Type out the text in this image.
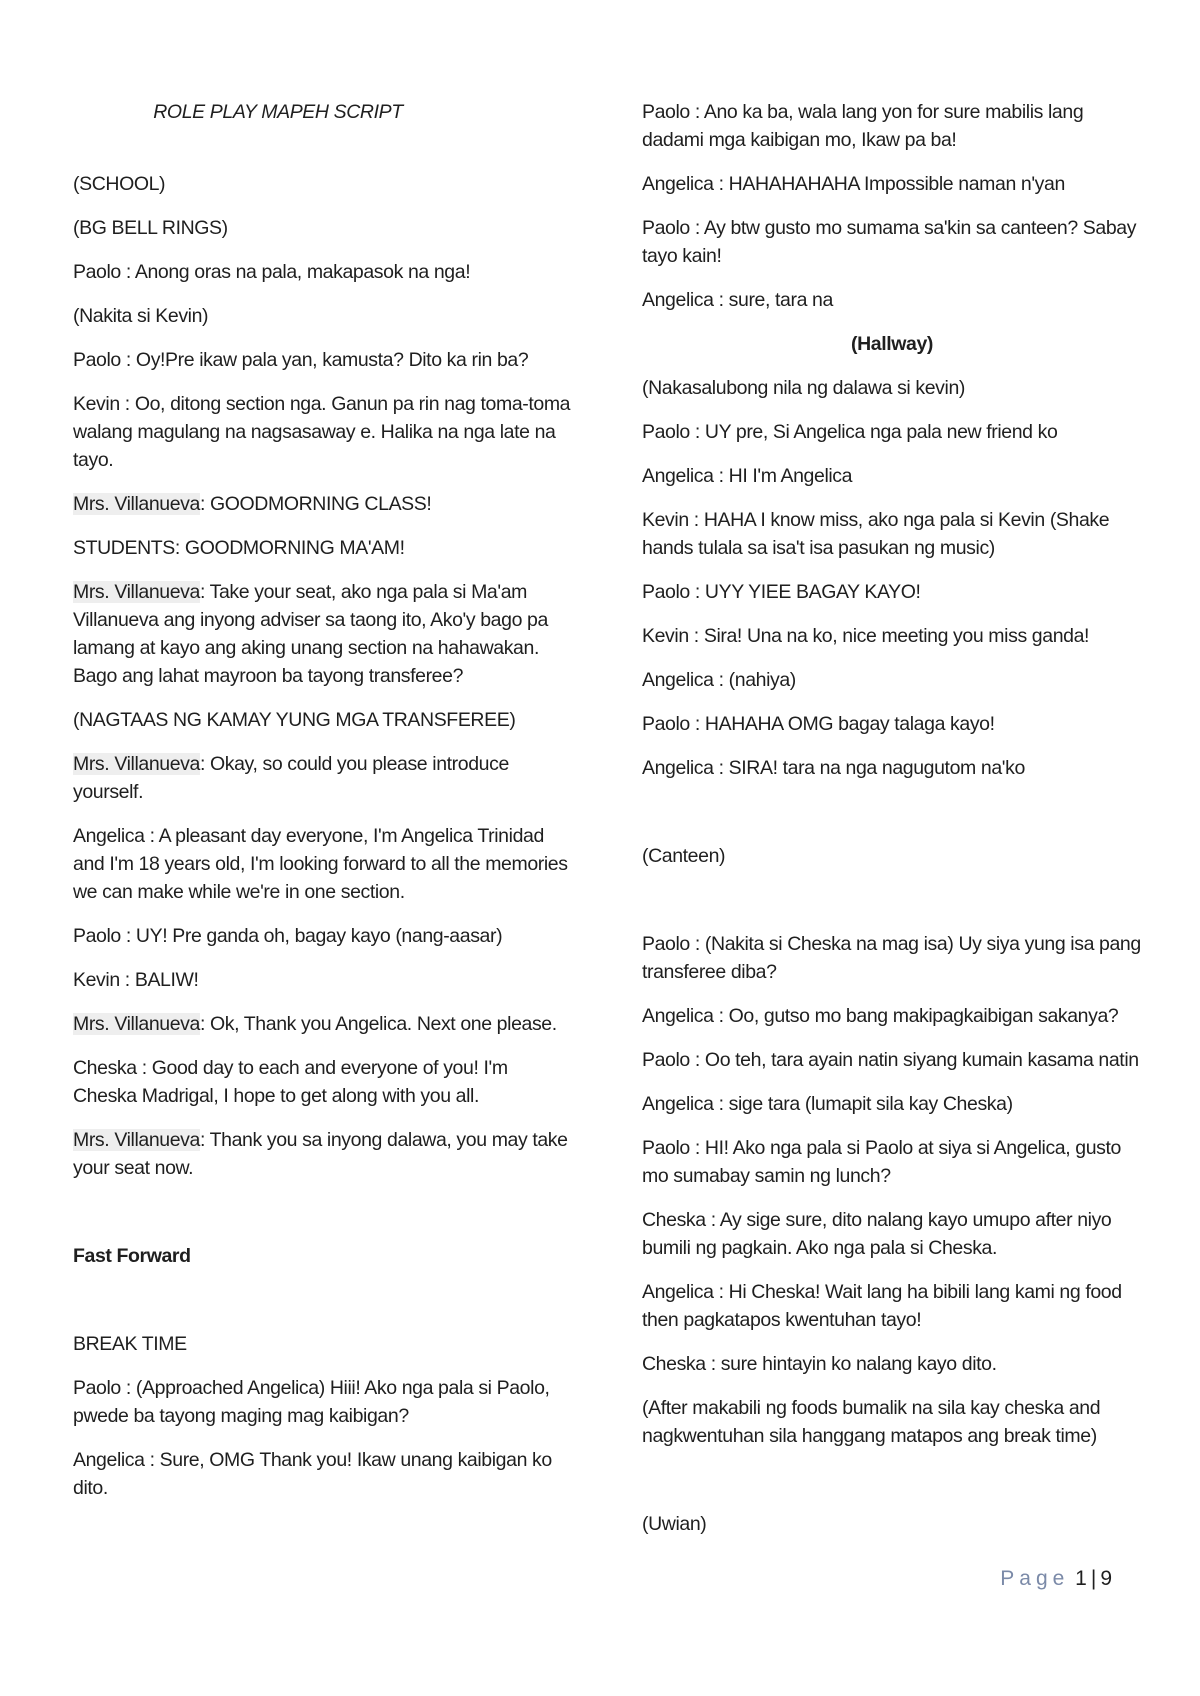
ROLE PLAY MAPEH SCRIPT

(SCHOOL)

(BG BELL RINGS)

Paolo : Anong oras na pala, makapasok na nga!

(Nakita si Kevin)

Paolo : Oy!Pre ikaw pala yan, kamusta? Dito ka rin ba?

Kevin : Oo, ditong section nga. Ganun pa rin nag toma-toma walang magulang na nagsasaway e. Halika na nga late na tayo.

Mrs. Villanueva: GOODMORNING CLASS!

STUDENTS: GOODMORNING MA'AM!

Mrs. Villanueva: Take your seat, ako nga pala si Ma'am Villanueva ang inyong adviser sa taong ito, Ako'y bago pa lamang at kayo ang aking unang section na hahawakan. Bago ang lahat mayroon ba tayong transferee?

(NAGTAAS NG KAMAY YUNG MGA TRANSFEREE)

Mrs. Villanueva: Okay, so could you please introduce yourself.

Angelica : A pleasant day everyone, I'm Angelica Trinidad and I'm 18 years old, I'm looking forward to all the memories we can make while we're in one section.

Paolo : UY! Pre ganda oh, bagay kayo (nang-aasar)

Kevin : BALIW!

Mrs. Villanueva: Ok, Thank you Angelica. Next one please.

Cheska : Good day to each and everyone of you! I'm Cheska Madrigal, I hope to get along with you all.

Mrs. Villanueva: Thank you sa inyong dalawa, you may take your seat now.

Fast Forward

BREAK TIME

Paolo : (Approached Angelica) Hiii! Ako nga pala si Paolo, pwede ba tayong maging mag kaibigan?

Angelica : Sure, OMG Thank you! Ikaw unang kaibigan ko dito.

Paolo : Ano ka ba, wala lang yon for sure mabilis lang dadami mga kaibigan mo, Ikaw pa ba!

Angelica : HAHAHAHAHA Impossible naman n'yan

Paolo : Ay btw gusto mo sumama sa'kin sa canteen? Sabay tayo kain!

Angelica : sure, tara na

(Hallway)

(Nakasalubong nila ng dalawa si kevin)

Paolo : UY pre, Si Angelica nga pala new friend ko

Angelica : HI I'm Angelica

Kevin : HAHA I know miss, ako nga pala si Kevin (Shake hands tulala sa isa't isa pasukan ng music)

Paolo : UYY YIEE BAGAY KAYO!

Kevin : Sira! Una na ko, nice meeting you miss ganda!

Angelica : (nahiya)

Paolo : HAHAHA OMG bagay talaga kayo!

Angelica : SIRA! tara na nga nagugutom na'ko

(Canteen)

Paolo : (Nakita si Cheska na mag isa) Uy siya yung isa pang transferee diba?

Angelica : Oo, gutso mo bang makipagkaibigan sakanya?

Paolo : Oo teh, tara ayain natin siyang kumain kasama natin

Angelica : sige tara (lumapit sila kay Cheska)

Paolo : HI! Ako nga pala si Paolo at siya si Angelica, gusto mo sumabay samin ng lunch?

Cheska : Ay sige sure, dito nalang kayo umupo after niyo bumili ng pagkain. Ako nga pala si Cheska.

Angelica : Hi Cheska! Wait lang ha bibili lang kami ng food then pagkatapos kwentuhan tayo!

Cheska : sure hintayin ko nalang kayo dito.

(After makabili ng foods bumalik na sila kay cheska and nagkwentuhan sila hanggang matapos ang break time)

(Uwian)

Page 1 | 9
